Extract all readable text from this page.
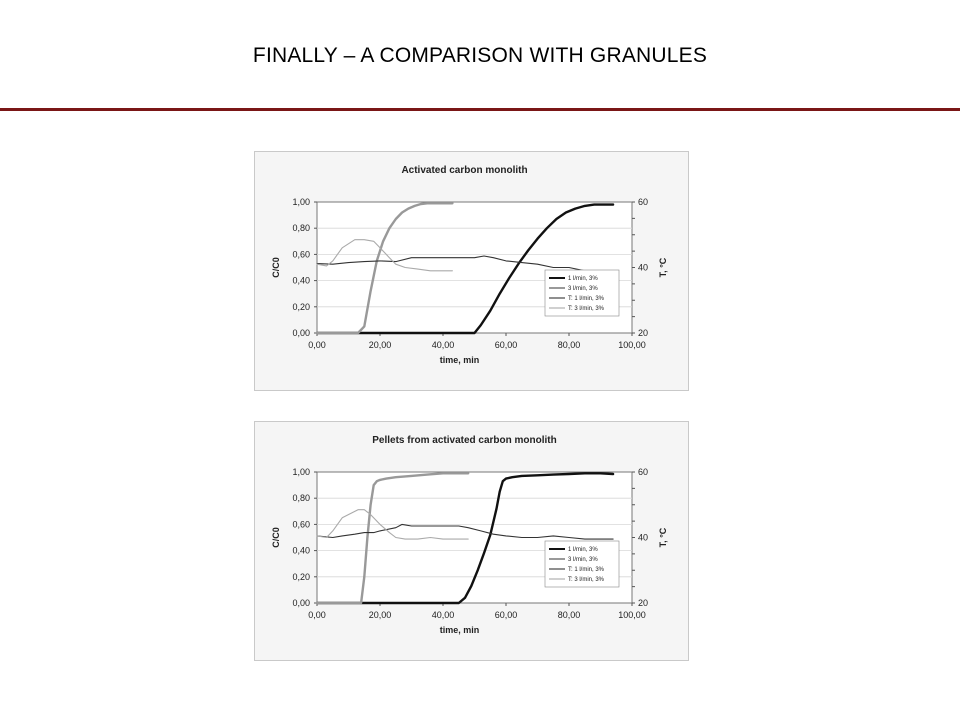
FINALLY – A COMPARISON WITH GRANULES
Activated carbon monolith
0,00
0,20
0,40
0,60
0,80
1,00
0,00	20,00	40,00	60,00	80,00	100,00
20
40
60
time, min
C/C0	T, °C
1 l/min, 3%
3 l/min, 3%
T: 1 l/min, 3%
T: 3 l/min, 3%
Pellets from activated carbon monolith
0,00
0,20
0,40
0,60
0,80
1,00
0,00	20,00	40,00	60,00	80,00	100,00
20
40
60
time, min
C/C0	T, °C
1 l/min, 3%
3 l/min, 3%
T: 1 l/min, 3%
T: 3 l/min, 3%
